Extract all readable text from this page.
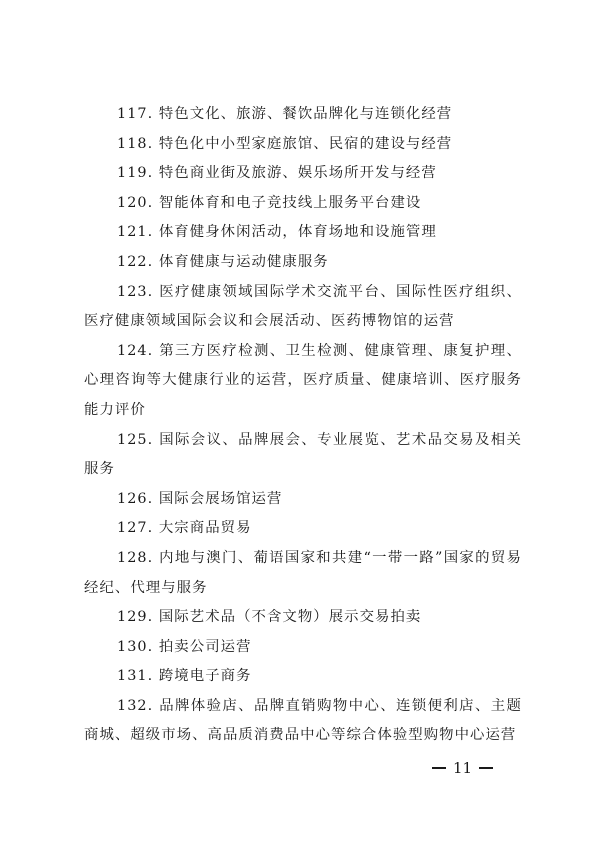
117. 特色文化、旅游、餐饮品牌化与连锁化经营

118. 特色化中小型家庭旅馆、民宿的建设与经营

119. 特色商业街及旅游、娱乐场所开发与经营

120. 智能体育和电子竞技线上服务平台建设

121. 体育健身休闲活动，体育场地和设施管理

122. 体育健康与运动健康服务

123. 医疗健康领域国际学术交流平台、国际性医疗组织、医疗健康领域国际会议和会展活动、医药博物馆的运营

124. 第三方医疗检测、卫生检测、健康管理、康复护理、心理咨询等大健康行业的运营，医疗质量、健康培训、医疗服务能力评价

125. 国际会议、品牌展会、专业展览、艺术品交易及相关服务

126. 国际会展场馆运营

127. 大宗商品贸易

128. 内地与澳门、葡语国家和共建“一带一路”国家的贸易经纪、代理与服务

129. 国际艺术品（不含文物）展示交易拍卖

130. 拍卖公司运营

131. 跨境电子商务

132. 品牌体验店、品牌直销购物中心、连锁便利店、主题商城、超级市场、高品质消费品中心等综合体验型购物中心运营

11
